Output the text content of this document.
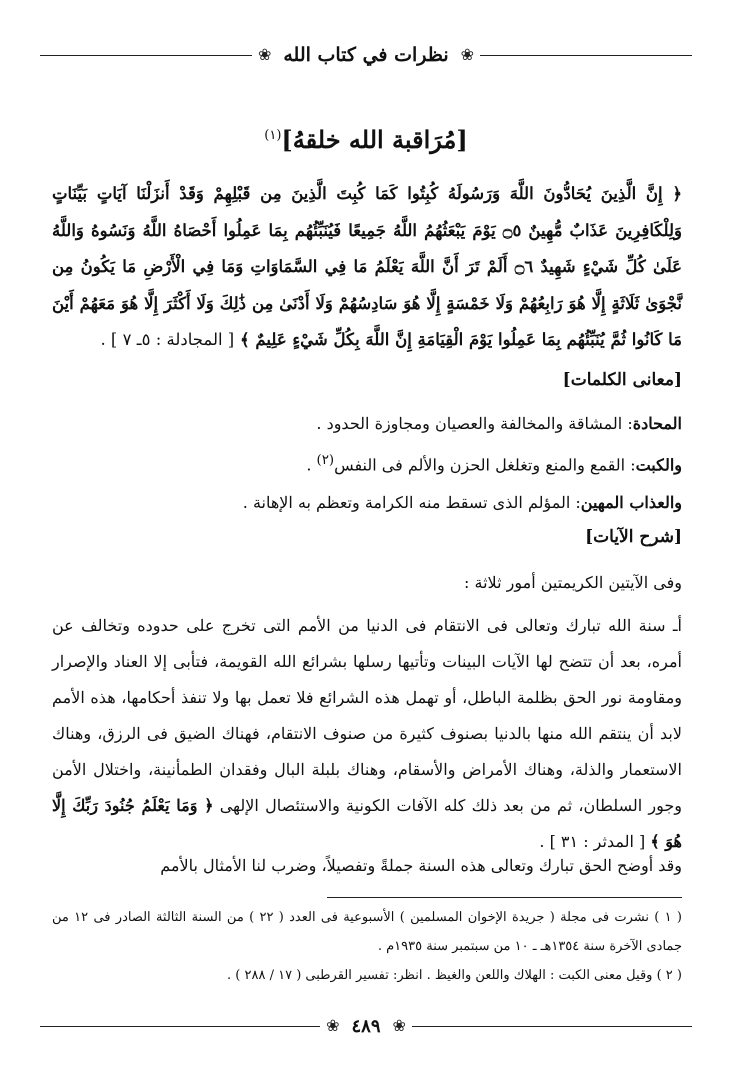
❀
نظرات في كتاب الله
❀
[مُرَاقبة الله خلقهُ]$^{(١)}$
﴿ إِنَّ الَّذِينَ يُحَادُّونَ اللَّهَ وَرَسُولَهُ كُبِتُوا كَمَا كُبِتَ الَّذِينَ مِن قَبْلِهِمْ وَقَدْ أَنزَلْنَا آيَاتٍ بَيِّنَاتٍ وَلِلْكَافِرِينَ عَذَابٌ مُّهِينٌ ۝٥ يَوْمَ يَبْعَثُهُمُ اللَّهُ جَمِيعًا فَيُنَبِّئُهُم بِمَا عَمِلُوا أَحْصَاهُ اللَّهُ وَنَسُوهُ وَاللَّهُ عَلَىٰ كُلِّ شَيْءٍ شَهِيدٌ ۝٦ أَلَمْ تَرَ أَنَّ اللَّهَ يَعْلَمُ مَا فِي السَّمَاوَاتِ وَمَا فِي الْأَرْضِ مَا يَكُونُ مِن نَّجْوَىٰ ثَلَاثَةٍ إِلَّا هُوَ رَابِعُهُمْ وَلَا خَمْسَةٍ إِلَّا هُوَ سَادِسُهُمْ وَلَا أَدْنَىٰ مِن ذَٰلِكَ وَلَا أَكْثَرَ إِلَّا هُوَ مَعَهُمْ أَيْنَ مَا كَانُوا ثُمَّ يُنَبِّئُهُم بِمَا عَمِلُوا يَوْمَ الْقِيَامَةِ إِنَّ اللَّهَ بِكُلِّ شَيْءٍ عَلِيمٌ ﴾ [ المجادلة : ٥ـ ٧ ] .
[معانى الكلمات]
المحادة: المشاقة والمخالفة والعصيان ومجاوزة الحدود .
والكبت: القمع والمنع وتغلغل الحزن والألم فى النفس$^{(٢)}$ .
والعذاب المهين: المؤلم الذى تسقط منه الكرامة وتعظم به الإهانة .
[شرح الآيات]
وفى الآيتين الكريمتين أمور ثلاثة :
أـ سنة الله تبارك وتعالى فى الانتقام فى الدنيا من الأمم التى تخرج على حدوده وتخالف عن أمره، بعد أن تتضح لها الآيات البينات وتأتيها رسلها بشرائع الله القويمة، فتأبى إلا العناد والإصرار ومقاومة نور الحق بظلمة الباطل، أو تهمل هذه الشرائع فلا تعمل بها ولا تنفذ أحكامها، هذه الأمم لابد أن ينتقم الله منها بالدنيا بصنوف كثيرة من صنوف الانتقام، فهناك الضيق فى الرزق، وهناك الاستعمار والذلة، وهناك الأمراض والأسقام، وهناك بلبلة البال وفقدان الطمأنينة، واختلال الأمن وجور السلطان، ثم من بعد ذلك كله الآفات الكونية والاستئصال الإلهى ﴿ وَمَا يَعْلَمُ جُنُودَ رَبِّكَ إِلَّا هُوَ ﴾ [ المدثر : ٣١ ] .
وقد أوضح الحق تبارك وتعالى هذه السنة جملةً وتفصيلاً، وضرب لنا الأمثال بالأمم

( ١ ) نشرت فى مجلة ( جريدة الإخوان المسلمين ) الأسبوعية فى العدد ( ٢٢ ) من السنة الثالثة الصادر فى ١٢ من جمادى الآخرة سنة ١٣٥٤هـ ـ ١٠ من سبتمبر سنة ١٩٣٥م .

( ٢ ) وقيل معنى الكبت : الهلاك واللعن والغيظ . انظر: تفسير القرطبى ( ١٧ / ٢٨٨ ) .

❀
٤٨٩
❀
